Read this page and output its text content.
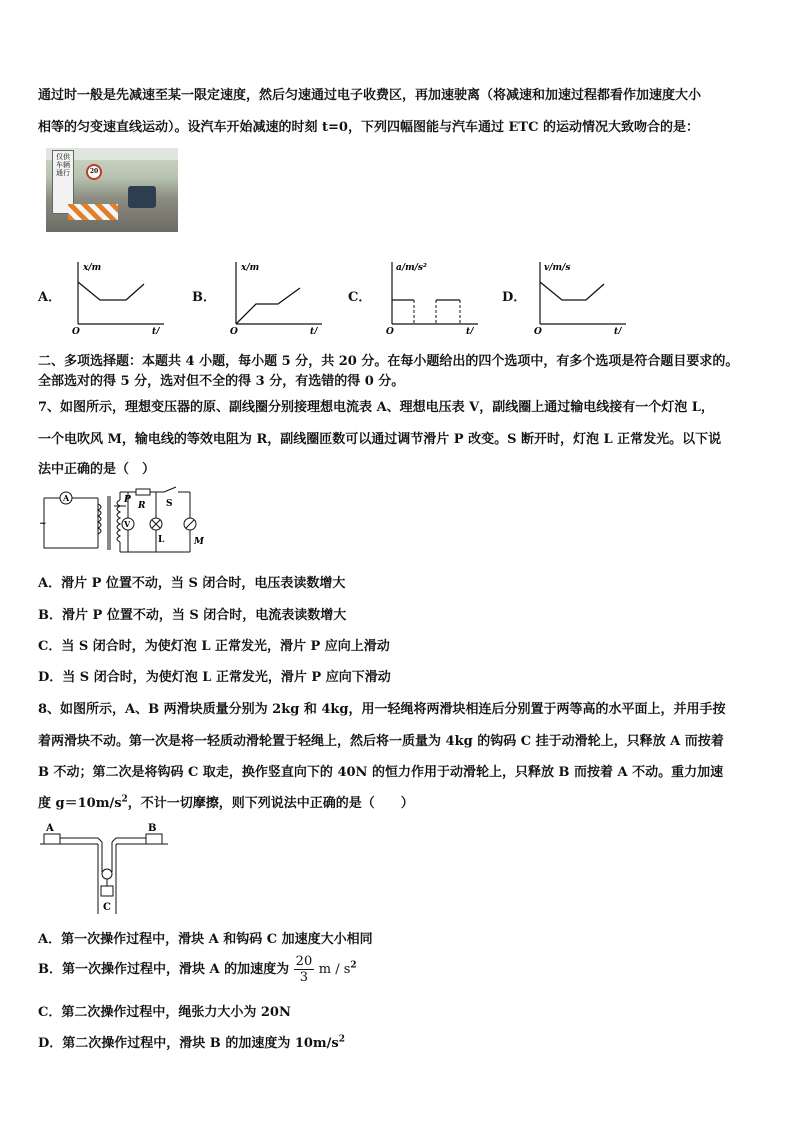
通过时一般是先减速至某一限定速度，然后匀速通过电子收费区，再加速驶离（将减速和加速过程都看作加速度大小
相等的匀变速直线运动）。设汽车开始减速的时刻 t=0，下列四幅图能与汽车通过 ETC 的运动情况大致吻合的是：
仅供车辆通行	20
A．
x/m
t/
O
B．
x/m
t/
O
C．
a/m/s²
t/
O
D．
v/m/s
t/
O
二、多项选择题：本题共 4 小题，每小题 5 分，共 20 分。在每小题给出的四个选项中，有多个选项是符合题目要求的。
全部选对的得 5 分，选对但不全的得 3 分，有选错的得 0 分。
7、如图所示，理想变压器的原、副线圈分别接理想电流表 A、理想电压表 V，副线圈上通过输电线接有一个灯泡 L，
一个电吹风 M，输电线的等效电阻为 R，副线圈匝数可以通过调节滑片 P 改变。S 断开时，灯泡 L 正常发光。以下说
法中正确的是（　）
A
~	V
P
R S
L	M
A．滑片 P 位置不动，当 S 闭合时，电压表读数增大
B．滑片 P 位置不动，当 S 闭合时，电流表读数增大
C．当 S 闭合时，为使灯泡 L 正常发光，滑片 P 应向上滑动
D．当 S 闭合时，为使灯泡 L 正常发光，滑片 P 应向下滑动
8、如图所示，A、B 两滑块质量分别为 2kg 和 4kg，用一轻绳将两滑块相连后分别置于两等高的水平面上，并用手按
着两滑块不动。第一次是将一轻质动滑轮置于轻绳上，然后将一质量为 4kg 的钩码 C 挂于动滑轮上，只释放 A 而按着
B 不动；第二次是将钩码 C 取走，换作竖直向下的 40N 的恒力作用于动滑轮上，只释放 B 而按着 A 不动。重力加速
度 $g=10m/s^2$，不计一切摩擦，则下列说法中正确的是（　　）
A	B
C
A．第一次操作过程中，滑块 A 和钩码 C 加速度大小相同
B．第一次操作过程中，滑块 A 的加速度为 $\frac{20}{3}$ m / $s^2$
C．第二次操作过程中，绳张力大小为 20N
D．第二次操作过程中，滑块 B 的加速度为 $10m/s^2$
